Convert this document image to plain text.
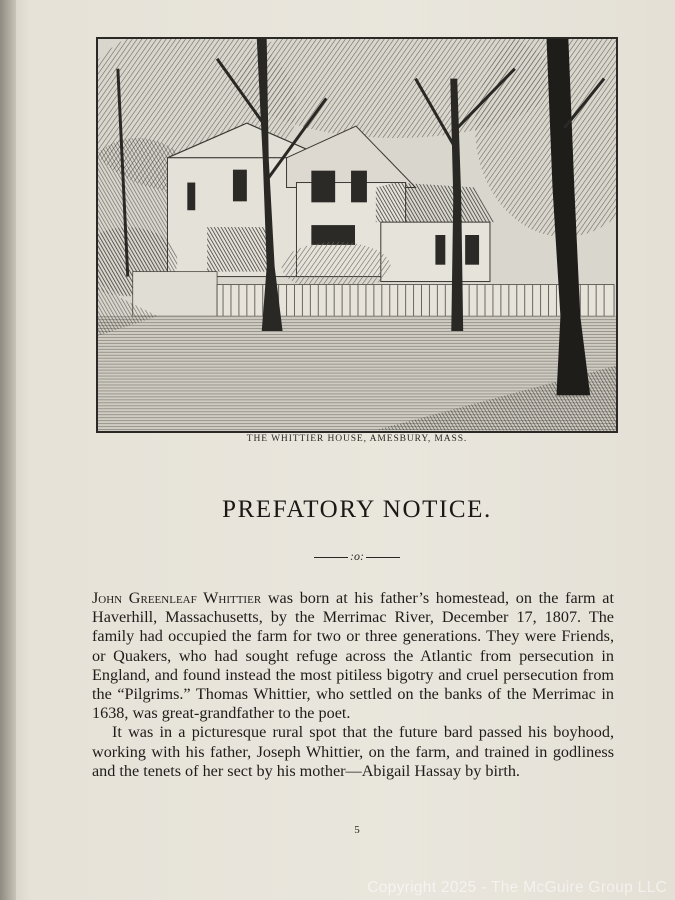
THE WHITTIER HOUSE, AMESBURY, MASS.
PREFATORY NOTICE.
:o:

John Greenleaf Whittier was born at his father’s homestead, on the farm at Haverhill, Massachusetts, by the Merrimac River, December 17, 1807. The family had occupied the farm for two or three generations. They were Friends, or Quakers, who had sought refuge across the Atlantic from persecution in England, and found instead the most pitiless bigotry and cruel persecution from the “Pilgrims.” Thomas Whittier, who settled on the banks of the Merrimac in 1638, was great-grandfather to the poet.

It was in a picturesque rural spot that the future bard passed his boyhood, working with his father, Joseph Whittier, on the farm, and trained in godliness and the tenets of her sect by his mother—Abigail Hassay by birth.

5
Copyright 2025 - The McGuire Group LLC
